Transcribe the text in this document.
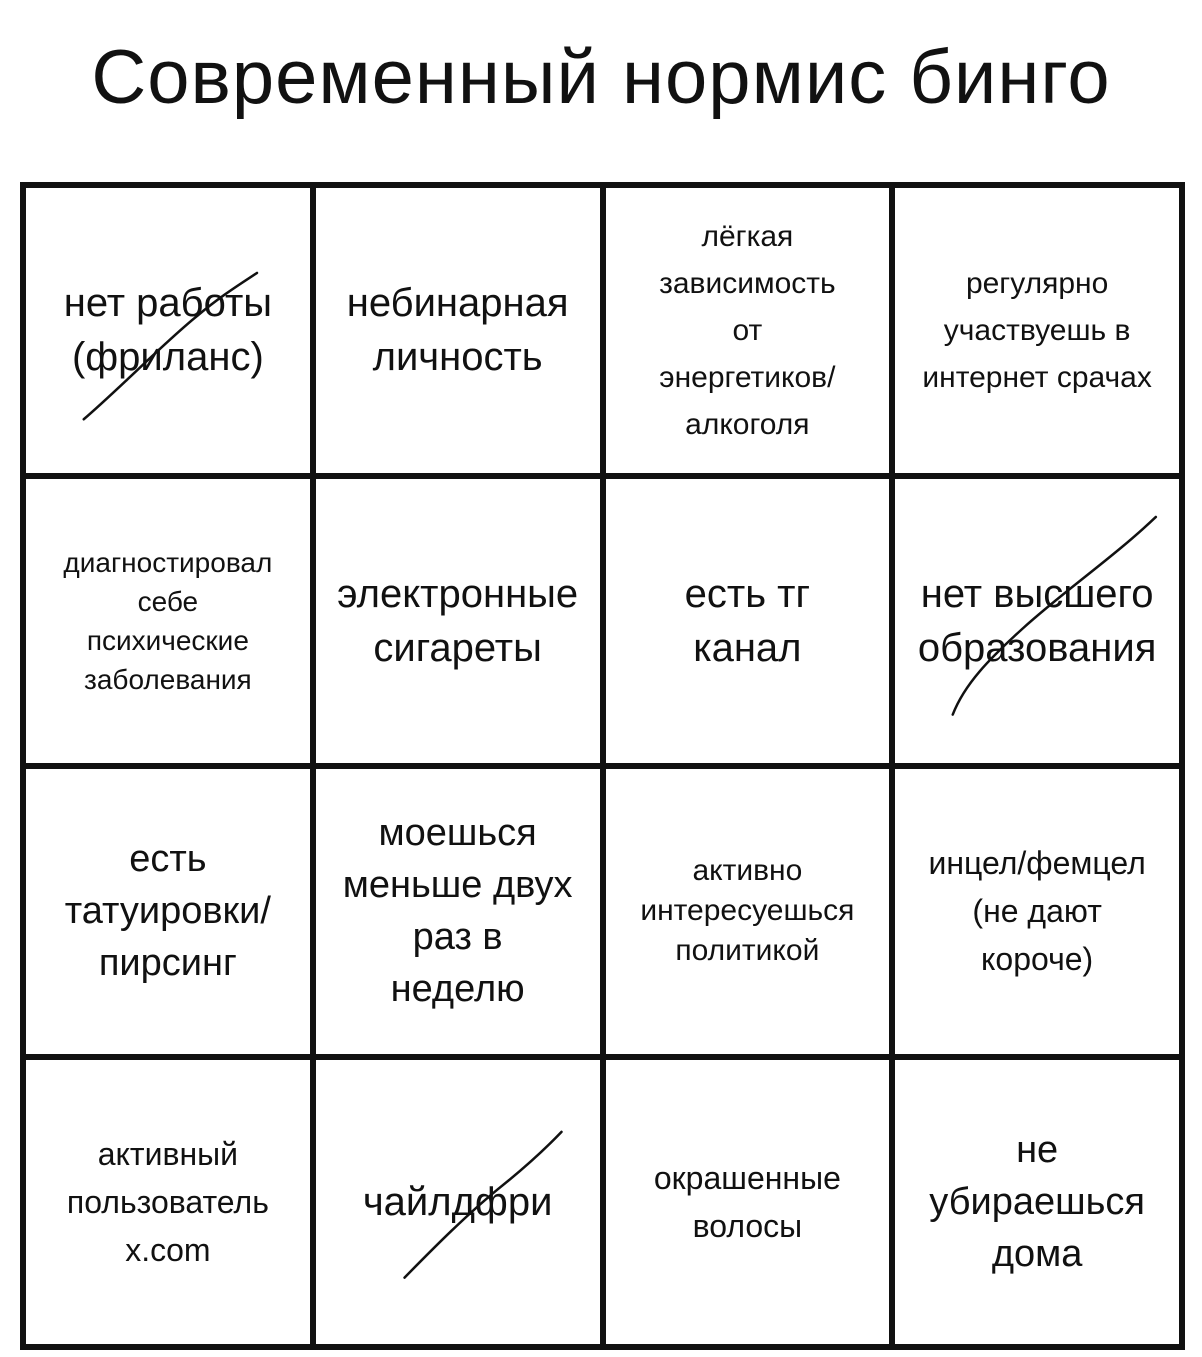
Современный нормис бинго
нет работы
(фриланс)
небинарная
личность
лёгкая
зависимость
от
энергетиков/
алкоголя
регулярно
участвуешь в
интернет срачах
диагностировал
себе
психические
заболевания
электронные
сигареты
есть тг
канал
нет высшего
образования
есть
татуировки/
пирсинг
моешься
меньше двух
раз в
неделю
активно
интересуешься
политикой
инцел/фемцел
(не дают
короче)
активный
пользователь
x.com
чайлдфри
окрашенные
волосы
не
убираешься
дома
